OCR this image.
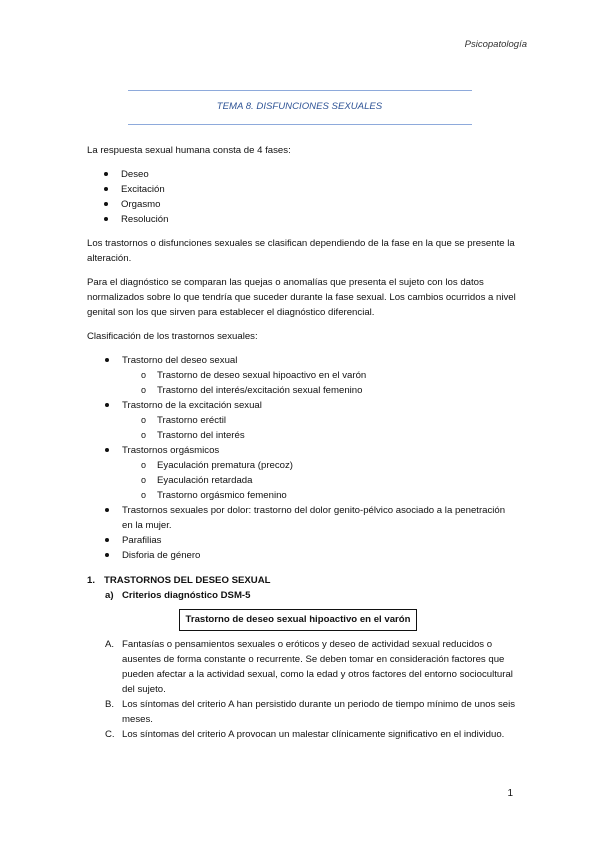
Psicopatología
TEMA 8. DISFUNCIONES SEXUALES

La respuesta sexual humana consta de 4 fases:

Deseo
Excitación
Orgasmo
Resolución

Los trastornos o disfunciones sexuales se clasifican dependiendo de la fase en la que se presente la alteración.

Para el diagnóstico se comparan las quejas o anomalías que presenta el sujeto con los datos normalizados sobre lo que tendría que suceder durante la fase sexual. Los cambios ocurridos a nivel genital son los que sirven para establecer el diagnóstico diferencial.

Clasificación de los trastornos sexuales:

Trastorno del deseo sexual
o Trastorno de deseo sexual hipoactivo en el varón
o Trastorno del interés/excitación sexual femenino
Trastorno de la excitación sexual
o Trastorno eréctil
o Trastorno del interés
Trastornos orgásmicos
o Eyaculación prematura (precoz)
o Eyaculación retardada
o Trastorno orgásmico femenino
Trastornos sexuales por dolor: trastorno del dolor genito-pélvico asociado a la penetración en la mujer.
Parafilias
Disforia de género
1. TRASTORNOS DEL DESEO SEXUAL
a) Criterios diagnóstico DSM-5
Trastorno de deseo sexual hipoactivo en el varón
A. Fantasías o pensamientos sexuales o eróticos y deseo de actividad sexual reducidos o ausentes de forma constante o recurrente. Se deben tomar en consideración factores que pueden afectar a la actividad sexual, como la edad y otros factores del entorno sociocultural del sujeto.
B. Los síntomas del criterio A han persistido durante un periodo de tiempo mínimo de unos seis meses.
C. Los síntomas del criterio A provocan un malestar clínicamente significativo en el individuo.
1
